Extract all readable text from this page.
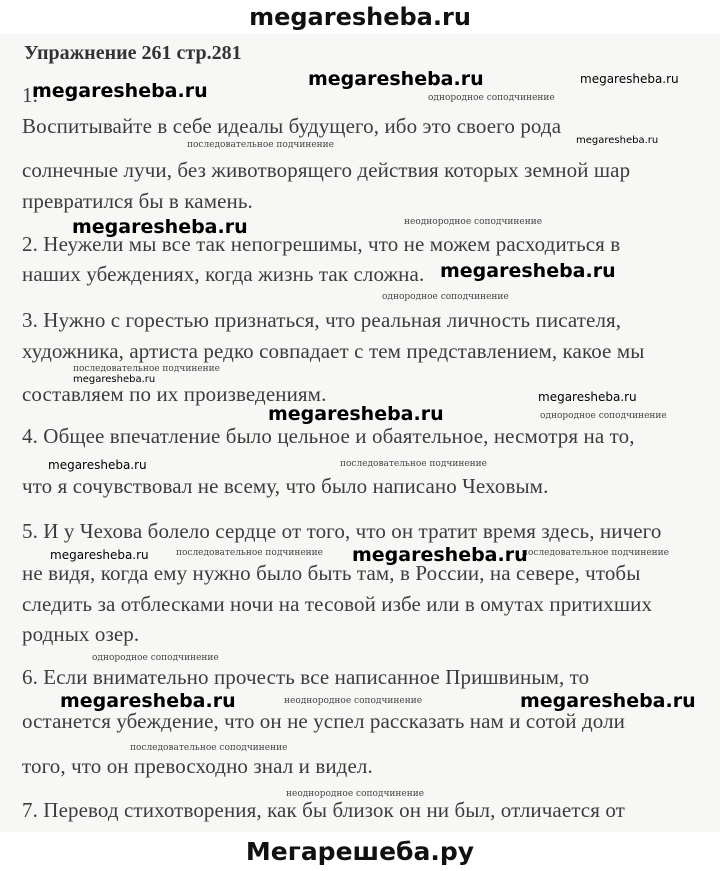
megaresheba.ru
Упражнение 261 стр.281
1.
Воспитывайте в себе идеалы будущего, ибо это своего рода
солнечные лучи, без животворящего действия которых земной шар
превратился бы в камень.
2. Неужели мы все так непогрешимы, что не можем расходиться в
наших убеждениях, когда жизнь так сложна.
3. Нужно с горестью признаться, что реальная личность писателя,
художника, артиста редко совпадает с тем представлением, какое мы
составляем по их произведениям.
4. Общее впечатление было цельное и обаятельное, несмотря на то,
что я сочувствовал не всему, что было написано Чеховым.
5. И у Чехова болело сердце от того, что он тратит время здесь, ничего
не видя, когда ему нужно было быть там, в России, на севере, чтобы
следить за отблесками ночи на тесовой избе или в омутах притихших
родных озер.
6. Если внимательно прочесть все написанное Пришвиным, то
останется убеждение, что он не успел рассказать нам и сотой доли
того, что он превосходно знал и видел.
7. Перевод стихотворения, как бы близок он ни был, отличается от
однородное соподчинение
последовательное подчинение
неоднородное соподчинение
однородное соподчинение
последовательное подчинение
однородное соподчинение
последовательное подчинение
последовательное подчинение	последовательное подчинение
однородное соподчинение
неоднородное соподчинение
последовательное соподчинение
неоднородное соподчинение
megaresheba.ru	megaresheba.ru
megaresheba.ru
megaresheba.ru
megaresheba.ru
megaresheba.ru
megaresheba.ru
megaresheba.ru
megaresheba.ru
megaresheba.ru
megaresheba.ru	megaresheba.ru
megaresheba.ru	megaresheba.ru
Мегарешеба.ру
